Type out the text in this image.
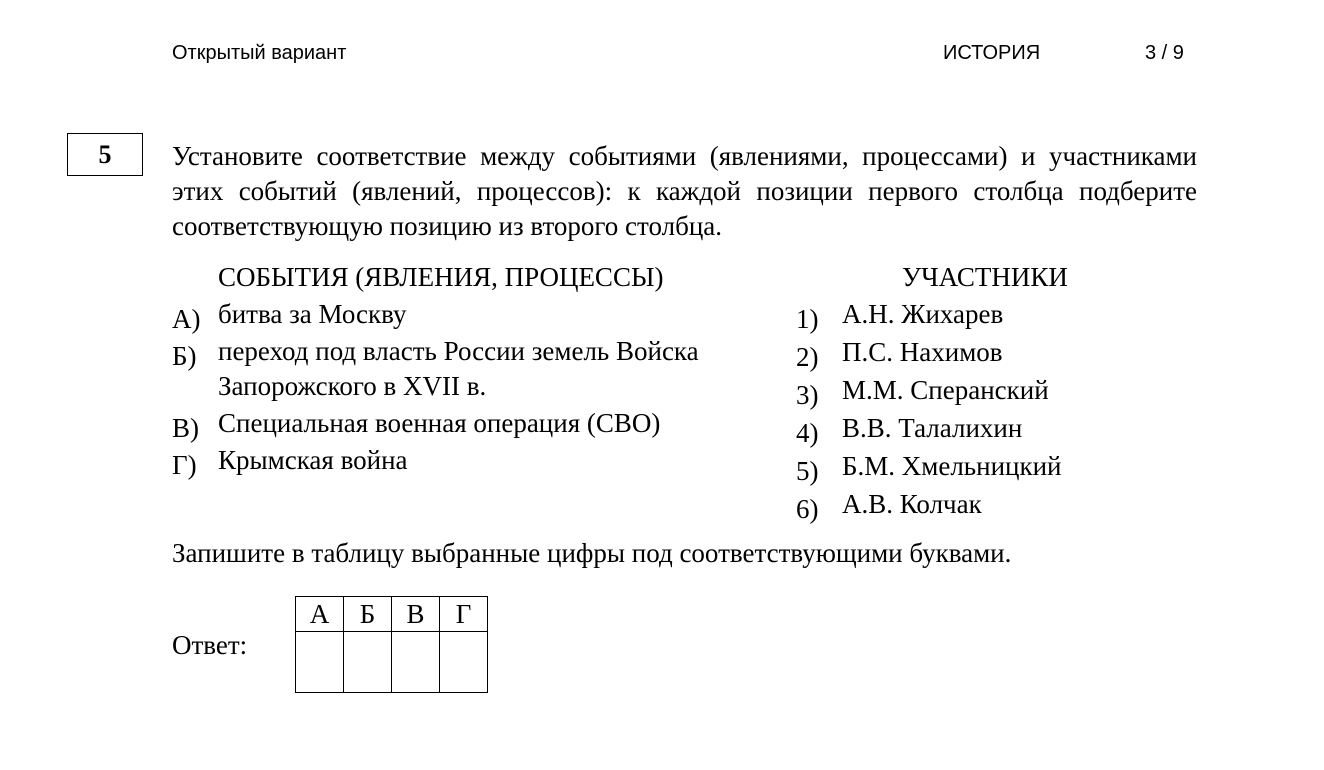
Открытый вариант	ИСТОРИЯ	3 / 9
5	Установите соответствие между событиями (явлениями, процессами) и участниками этих событий (явлений, процессов): к каждой позиции первого столбца подберите соответствующую позицию из второго столбца.

СОБЫТИЯ (ЯВЛЕНИЯ, ПРОЦЕССЫ)	УЧАСТНИКИ
А) битва за Москву
Б) переход под власть России земель Войска Запорожского в XVII в.
В) Специальная военная операция (СВО)
Г) Крымская война
1) А.Н. Жихарев
2) П.С. Нахимов
3) М.М. Сперанский
4) В.В. Талалихин
5) Б.М. Хмельницкий
6) А.В. Колчак
Запишите в таблицу выбранные цифры под соответствующими буквами.
Ответ:
А	Б	В	Г
